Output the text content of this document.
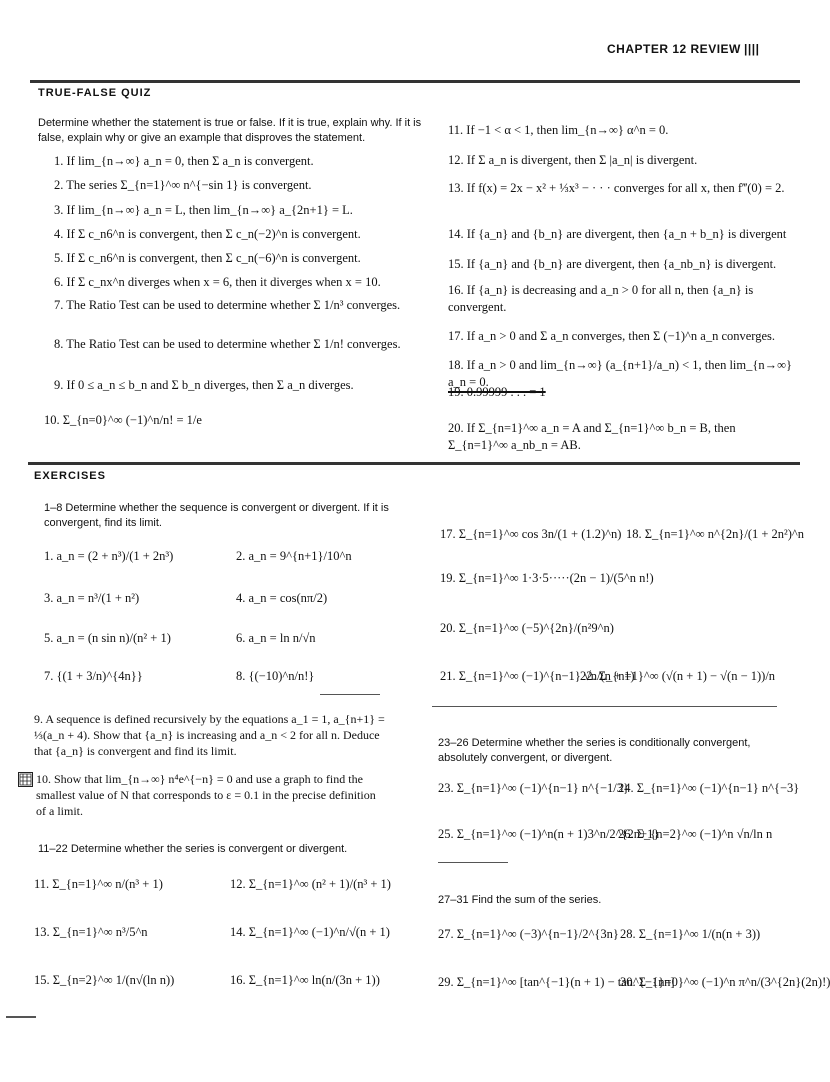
CHAPTER 12 REVIEW ||||
TRUE-FALSE QUIZ
Determine whether the statement is true or false. If it is true, explain why. If it is false, explain why or give an example that disproves the statement.
1. If lim_{n→∞} a_n = 0, then Σ a_n is convergent.
2. The series Σ_{n=1}^∞ n^{−sin 1} is convergent.
3. If lim_{n→∞} a_n = L, then lim_{n→∞} a_{2n+1} = L.
4. If Σ c_n6^n is convergent, then Σ c_n(−2)^n is convergent.
5. If Σ c_n6^n is convergent, then Σ c_n(−6)^n is convergent.
6. If Σ c_nx^n diverges when x = 6, then it diverges when x = 10.
7. The Ratio Test can be used to determine whether Σ 1/n³ converges.
8. The Ratio Test can be used to determine whether Σ 1/n! converges.
9. If 0 ≤ a_n ≤ b_n and Σ b_n diverges, then Σ a_n diverges.
10. Σ_{n=0}^∞ (−1)^n/n! = 1/e
11. If −1 < α < 1, then lim_{n→∞} α^n = 0.
12. If Σ a_n is divergent, then Σ |a_n| is divergent.
13. If f(x) = 2x − x² + ⅓x³ − · · · converges for all x, then f‴(0) = 2.
14. If {a_n} and {b_n} are divergent, then {a_n + b_n} is divergent
15. If {a_n} and {b_n} are divergent, then {a_nb_n} is divergent.
16. If {a_n} is decreasing and a_n > 0 for all n, then {a_n} is convergent.
17. If a_n > 0 and Σ a_n converges, then Σ (−1)^n a_n converges.
18. If a_n > 0 and lim_{n→∞} (a_{n+1}/a_n) < 1, then lim_{n→∞} a_n = 0.
19. 0.99999 . . . = 1
20. If Σ_{n=1}^∞ a_n = A and Σ_{n=1}^∞ b_n = B, then Σ_{n=1}^∞ a_nb_n = AB.
EXERCISES
1–8 Determine whether the sequence is convergent or divergent. If it is convergent, find its limit.
1. a_n = (2 + n³)/(1 + 2n³)	2. a_n = 9^{n+1}/10^n
3. a_n = n³/(1 + n²)	4. a_n = cos(nπ/2)
5. a_n = (n sin n)/(n² + 1)	6. a_n = ln n/√n
7. {(1 + 3/n)^{4n}}	8. {(−10)^n/n!}
9. A sequence is defined recursively by the equations a_1 = 1, a_{n+1} = ⅓(a_n + 4). Show that {a_n} is increasing and a_n < 2 for all n. Deduce that {a_n} is convergent and find its limit.
10. Show that lim_{n→∞} n⁴e^{−n} = 0 and use a graph to find the smallest value of N that corresponds to ε = 0.1 in the precise definition of a limit.
11–22 Determine whether the series is convergent or divergent.
11. Σ_{n=1}^∞ n/(n³ + 1)	12. Σ_{n=1}^∞ (n² + 1)/(n³ + 1)
13. Σ_{n=1}^∞ n³/5^n	14. Σ_{n=1}^∞ (−1)^n/√(n + 1)
15. Σ_{n=2}^∞ 1/(n√(ln n))	16. Σ_{n=1}^∞ ln(n/(3n + 1))
17. Σ_{n=1}^∞ cos 3n/(1 + (1.2)^n) 18. Σ_{n=1}^∞ n^{2n}/(1 + 2n²)^n
19. Σ_{n=1}^∞ 1·3·5·····(2n − 1)/(5^n n!)
20. Σ_{n=1}^∞ (−5)^{2n}/(n²9^n)
21. Σ_{n=1}^∞ (−1)^{n−1} √n/(n + 1)
22. Σ_{n=1}^∞ (√(n + 1) − √(n − 1))/n
23–26 Determine whether the series is conditionally convergent, absolutely convergent, or divergent.
23. Σ_{n=1}^∞ (−1)^{n−1} n^{−1/3}
24. Σ_{n=1}^∞ (−1)^{n−1} n^{−3}
25. Σ_{n=1}^∞ (−1)^n(n + 1)3^n/2^{2n+1}
26. Σ_{n=2}^∞ (−1)^n √n/ln n
27–31 Find the sum of the series.
27. Σ_{n=1}^∞ (−3)^{n−1}/2^{3n} 28. Σ_{n=1}^∞ 1/(n(n + 3))
29. Σ_{n=1}^∞ [tan^{−1}(n + 1) − tan^{−1}n]
30. Σ_{n=0}^∞ (−1)^n π^n/(3^{2n}(2n)!)
